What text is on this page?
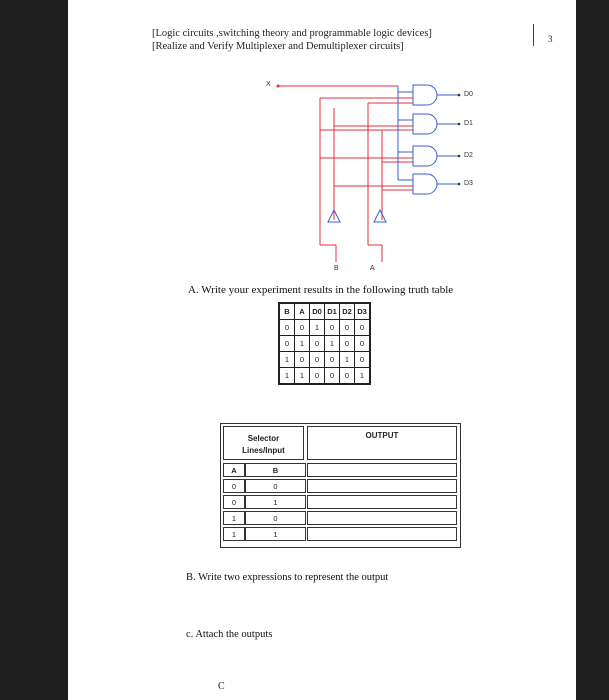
[Logic circuits ,switching theory and programmable logic devices]
[Realize and Verify Multiplexer and Demultiplexer circuits]
3
X
D0
D1
D2
D3
B	A
A. Write your experiment results in the following truth table
B	A	D0	D1	D2	D3
0	0	1	0	0	0
0	1	0	1	0	0
1	0	0	0	1	0
1	1	0	0	0	1
Selector
Lines/Input
OUTPUT
A	B
0	0
0	1
1	0
1	1
B. Write two expressions to represent the output
c. Attach the outputs
C
